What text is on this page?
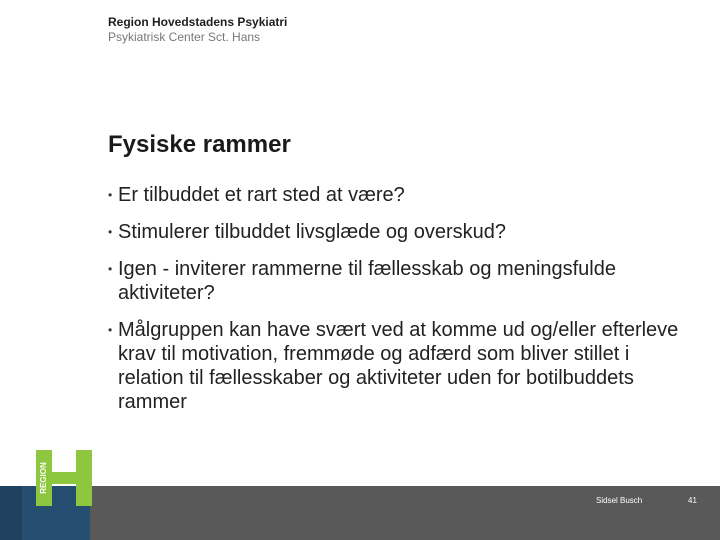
Region Hovedstadens Psykiatri
Psykiatrisk Center Sct. Hans
Fysiske rammer
• Er tilbuddet et rart sted at være?
• Stimulerer tilbuddet livsglæde og overskud?
• Igen - inviterer rammerne til fællesskab og meningsfulde aktiviteter?
• Målgruppen kan have svært ved at komme ud og/eller efterleve krav til motivation, fremmøde og adfærd som bliver stillet i relation til fællesskaber og aktiviteter uden for botilbuddets rammer
Sidsel Busch	41
REGION
